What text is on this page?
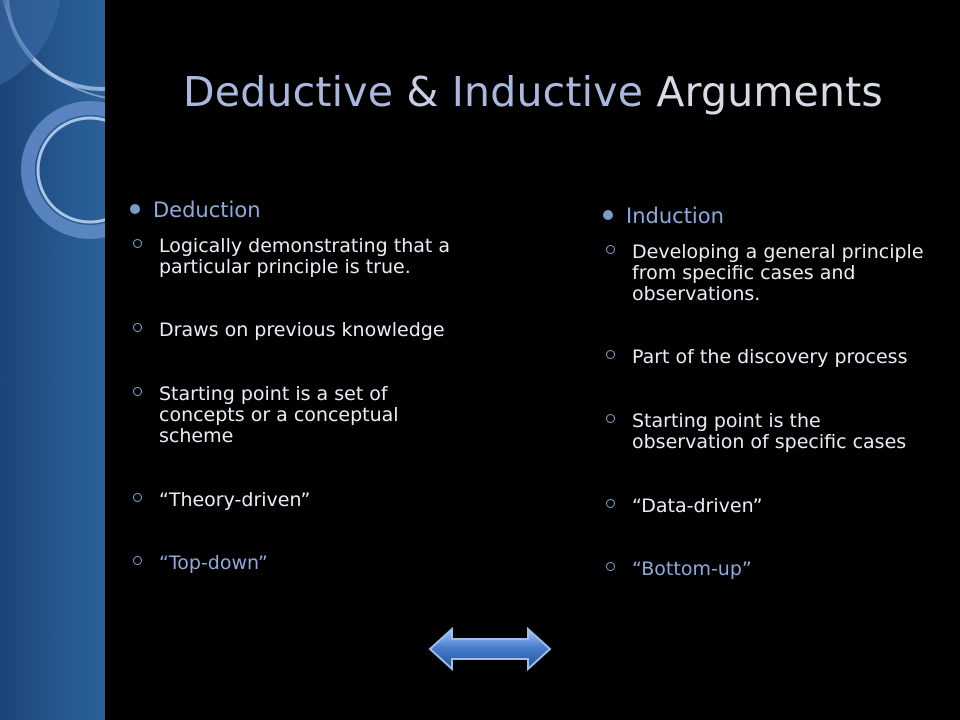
Deductive & Inductive Arguments
Deduction
Logically demonstrating that a particular principle is true.
Draws on previous knowledge
Starting point is a set of concepts or a conceptual scheme
“Theory-driven”
“Top-down”
Induction
Developing a general principle from specific cases and observations.
Part of the discovery process
Starting point is the observation of specific cases
“Data-driven”
“Bottom-up”
